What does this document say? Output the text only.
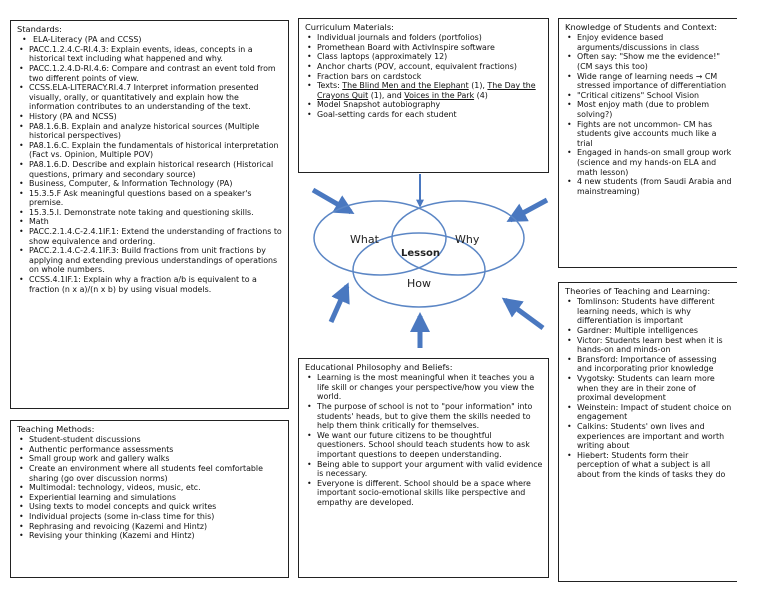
Standards:
• ELA-Literacy (PA and CCSS)
• PACC.1.2.4.C-RI.4.3: Explain events, ideas, concepts in a historical text including what happened and why.
• PACC.1.2.4.D-RI.4.6: Compare and contrast an event told from two different points of view.
• CCSS.ELA-LITERACY.RI.4.7 Interpret information presented visually, orally, or quantitatively and explain how the information contributes to an understanding of the text.
• History (PA and NCSS)
• PA8.1.6.B. Explain and analyze historical sources (Multiple historical perspectives)
• PA8.1.6.C. Explain the fundamentals of historical interpretation (Fact vs. Opinion, Multiple POV)
• PA8.1.6.D. Describe and explain historical research (Historical questions, primary and secondary source)
• Business, Computer, & Information Technology (PA)
• 15.3.5.F Ask meaningful questions based on a speaker's premise.
• 15.3.5.I. Demonstrate note taking and questioning skills.
• Math
• PACC.2.1.4.C-2.4.1IF.1: Extend the understanding of fractions to show equivalence and ordering.
• PACC.2.1.4.C-2.4.1IF.3: Build fractions from unit fractions by applying and extending previous understandings of operations on whole numbers.
• CCSS.4.1IF.1: Explain why a fraction a/b is equivalent to a fraction (n x a)/(n x b) by using visual models.
Curriculum Materials:
• Individual journals and folders (portfolios)
• Promethean Board with ActivInspire software
• Class laptops (approximately 12)
• Anchor charts (POV, account, equivalent fractions)
• Fraction bars on cardstock
• Texts: The Blind Men and the Elephant (1), The Day the Crayons Quit (1), and Voices in the Park (4)
• Model Snapshot autobiography
• Goal-setting cards for each student
Knowledge of Students and Context:
• Enjoy evidence based arguments/discussions in class
• Often say: "Show me the evidence!" (CM says this too)
• Wide range of learning needs → CM stressed importance of differentiation
• "Critical citizens" School Vision
• Most enjoy math (due to problem solving?)
• Fights are not uncommon- CM has students give accounts much like a trial
• Engaged in hands-on small group work (science and my hands-on ELA and math lesson)
• 4 new students (from Saudi Arabia and mainstreaming)
What	Why
How
Lesson
Teaching Methods:
• Student-student discussions
• Authentic performance assessments
• Small group work and gallery walks
• Create an environment where all students feel comfortable sharing (go over discussion norms)
• Multimodal: technology, videos, music, etc.
• Experiential learning and simulations
• Using texts to model concepts and quick writes
• Individual projects (some in-class time for this)
• Rephrasing and revoicing (Kazemi and Hintz)
• Revising your thinking (Kazemi and Hintz)
Educational Philosophy and Beliefs:
• Learning is the most meaningful when it teaches you a life skill or changes your perspective/how you view the world.
• The purpose of school is not to "pour information" into students' heads, but to give them the skills needed to help them think critically for themselves.
• We want our future citizens to be thoughtful questioners. School should teach students how to ask important questions to deepen understanding.
• Being able to support your argument with valid evidence is necessary.
• Everyone is different. School should be a space where important socio-emotional skills like perspective and empathy are developed.
Theories of Teaching and Learning:
• Tomlinson: Students have different learning needs, which is why differentiation is important
• Gardner: Multiple intelligences
• Victor: Students learn best when it is hands-on and minds-on
• Bransford: Importance of assessing and incorporating prior knowledge
• Vygotsky: Students can learn more when they are in their zone of proximal development
• Weinstein: Impact of student choice on engagement
• Calkins: Students' own lives and experiences are important and worth writing about
• Hiebert: Students form their perception of what a subject is all about from the kinds of tasks they do
